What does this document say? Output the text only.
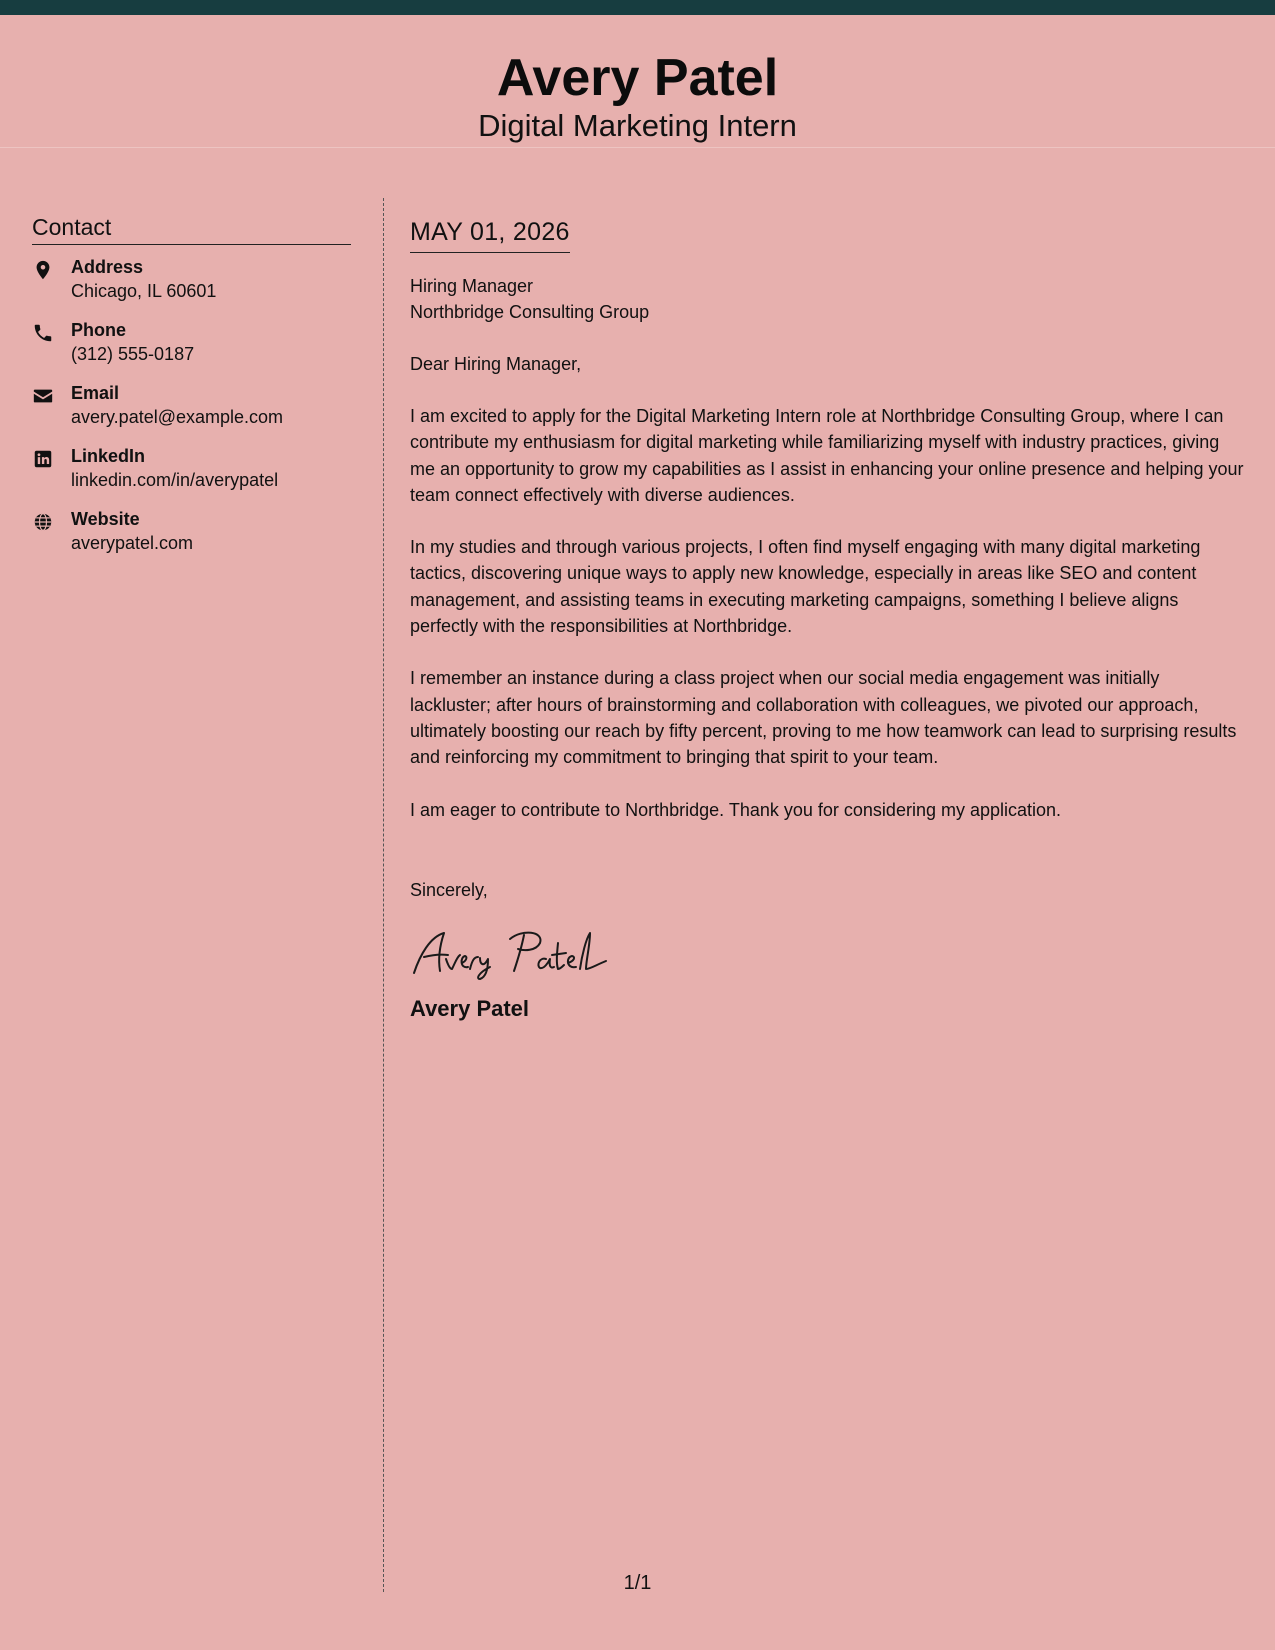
Avery Patel
Digital Marketing Intern
Contact
Address
Chicago, IL 60601
Phone
(312) 555-0187
Email
avery.patel@example.com
LinkedIn
linkedin.com/in/averypatel
Website
averypatel.com
MAY 01, 2026
Hiring Manager
Northbridge Consulting Group
Dear Hiring Manager,

I am excited to apply for the Digital Marketing Intern role at Northbridge Consulting Group, where I can contribute my enthusiasm for digital marketing while familiarizing myself with industry practices, giving me an opportunity to grow my capabilities as I assist in enhancing your online presence and helping your team connect effectively with diverse audiences.

In my studies and through various projects, I often find myself engaging with many digital marketing tactics, discovering unique ways to apply new knowledge, especially in areas like SEO and content management, and assisting teams in executing marketing campaigns, something I believe aligns perfectly with the responsibilities at Northbridge.

I remember an instance during a class project when our social media engagement was initially lackluster; after hours of brainstorming and collaboration with colleagues, we pivoted our approach, ultimately boosting our reach by fifty percent, proving to me how teamwork can lead to surprising results and reinforcing my commitment to bringing that spirit to your team.

I am eager to contribute to Northbridge. Thank you for considering my application.

Sincerely,
Avery Patel
1/1
